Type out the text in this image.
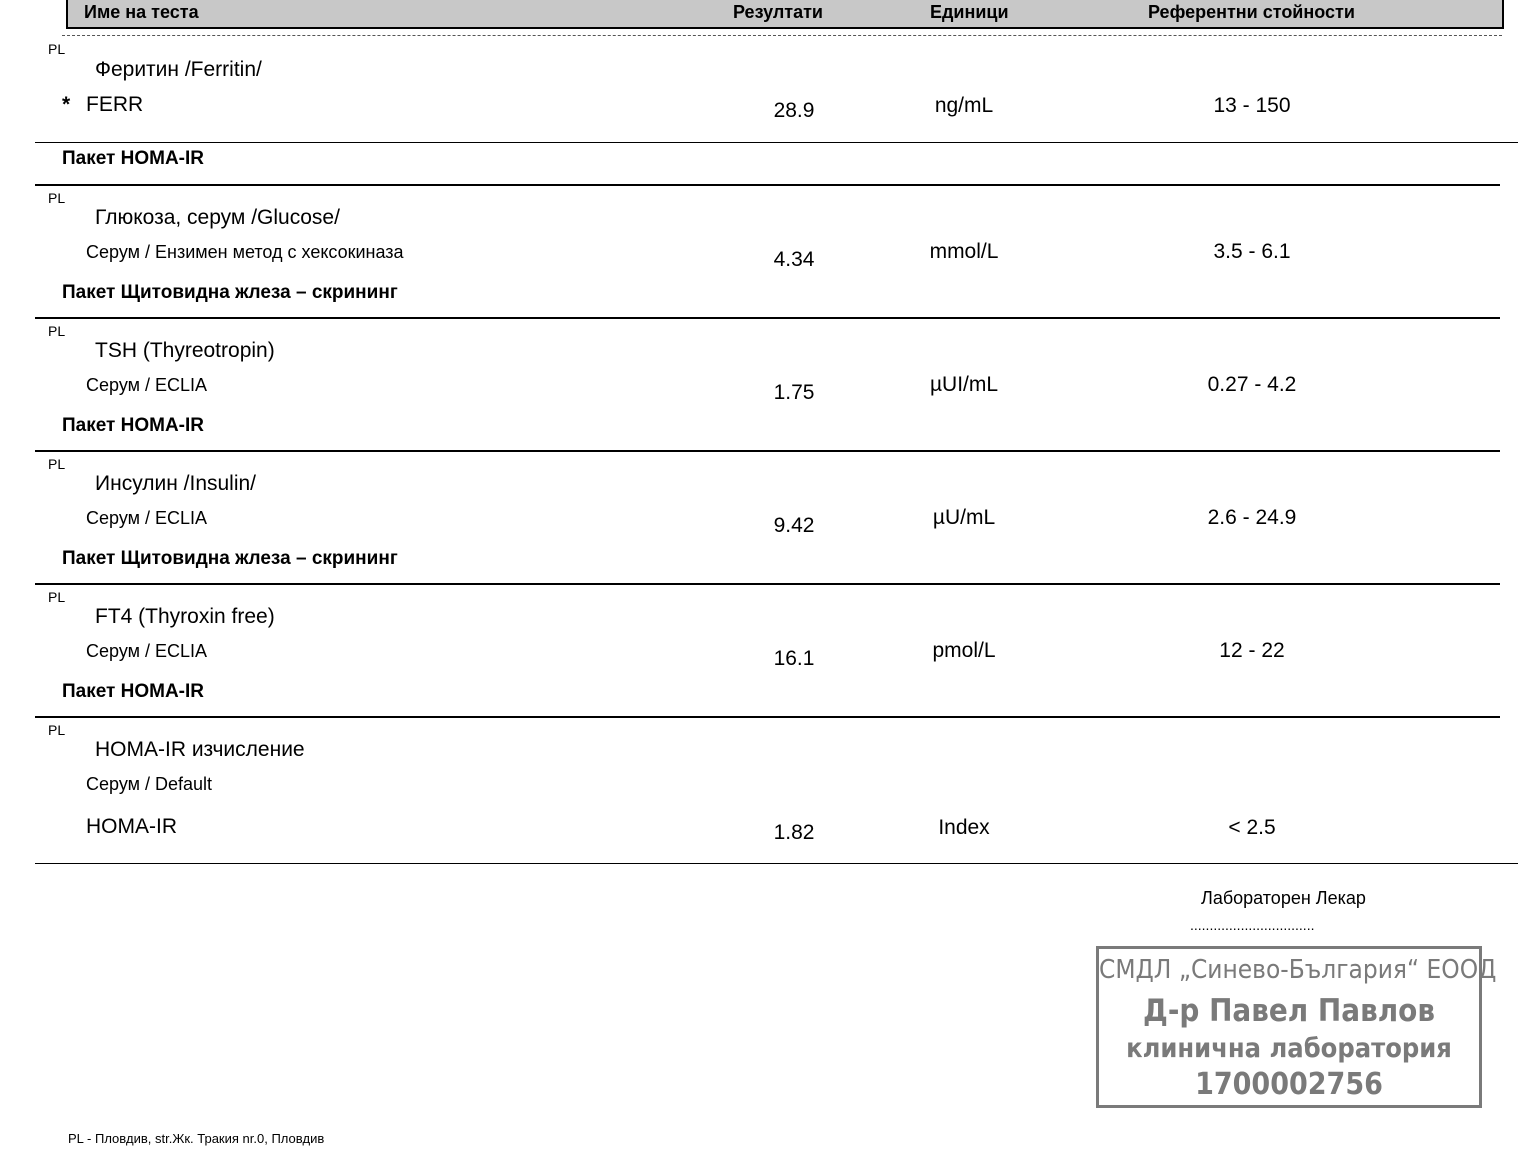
Име на теста	Резултати	Единици	Референтни стойности
PL
Феритин /Ferritin/
* FERR	28.9	ng/mL	13 - 150
Пакет HOMA-IR
PL
Глюкоза, серум /Glucose/
Серум / Ензимен метод с хексокиназа	4.34	mmol/L	3.5 - 6.1
Пакет Щитовидна жлеза – скрининг
PL
TSH (Thyreotropin)
Серум / ECLIA	1.75	µUI/mL	0.27 - 4.2
Пакет HOMA-IR
PL
Инсулин /Insulin/
Серум / ECLIA	9.42	µU/mL	2.6 - 24.9
Пакет Щитовидна жлеза – скрининг
PL
FT4 (Thyroxin free)
Серум / ECLIA	16.1	pmol/L	12 - 22
Пакет HOMA-IR
PL
HOMA-IR изчисление
Серум / Default
HOMA-IR	1.82	Index	< 2.5
Лабораторен Лекар
................................
СМДЛ „Синево-България“ ЕООД
Д-р Павел Павлов
клинична лаборатория
1700002756
PL - Пловдив, str.Жк. Тракия nr.0, Пловдив
